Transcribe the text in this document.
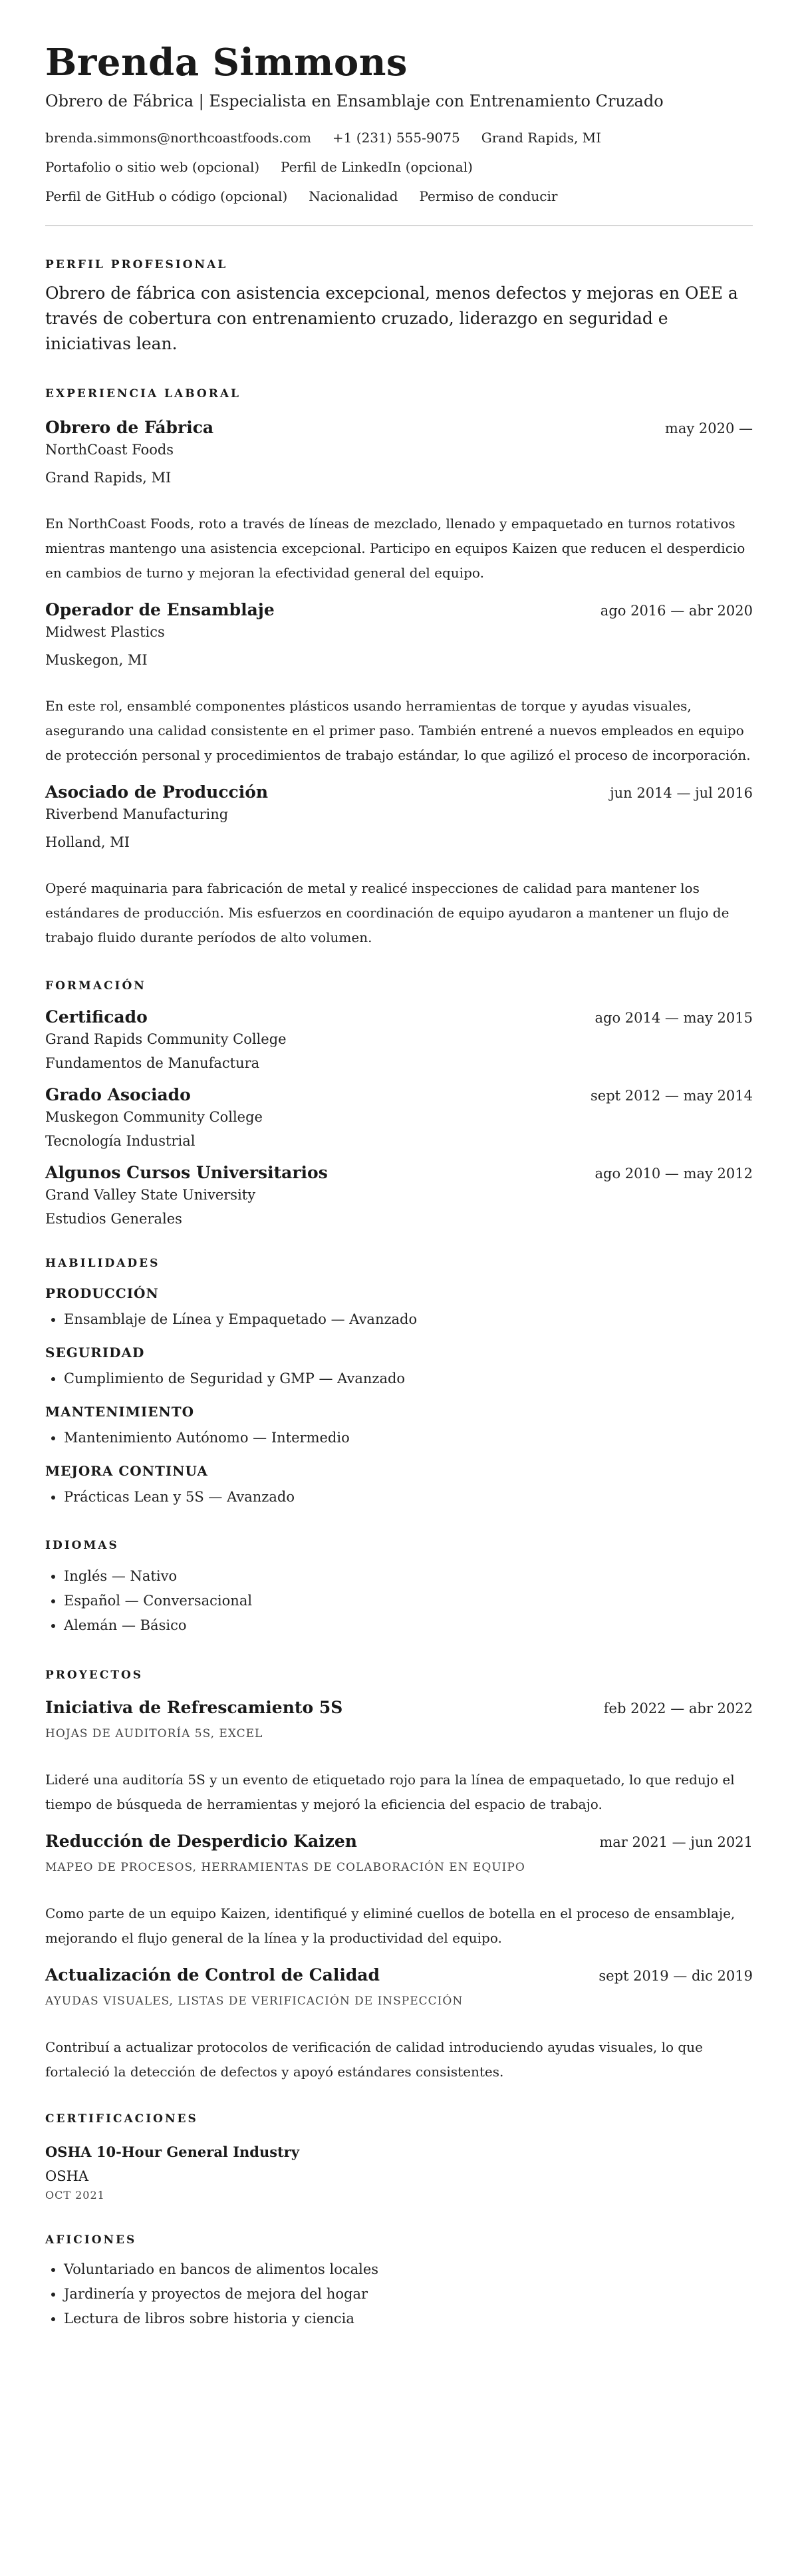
Brenda Simmons
Obrero de Fábrica | Especialista en Ensamblaje con Entrenamiento Cruzado
brenda.simmons@northcoastfoods.com +1 (231) 555-9075 Grand Rapids, MI
Portafolio o sitio web (opcional) Perfil de LinkedIn (opcional)
Perfil de GitHub o código (opcional) Nacionalidad Permiso de conducir
PERFIL PROFESIONAL

Obrero de fábrica con asistencia excepcional, menos defectos y mejoras en OEE a través de cobertura con entrenamiento cruzado, liderazgo en seguridad e iniciativas lean.

EXPERIENCIA LABORAL
Obrero de Fábrica	may 2020 —
NorthCoast Foods
Grand Rapids, MI

En NorthCoast Foods, roto a través de líneas de mezclado, llenado y empaquetado en turnos rotativos mientras mantengo una asistencia excepcional. Participo en equipos Kaizen que reducen el desperdicio en cambios de turno y mejoran la efectividad general del equipo.

Operador de Ensamblaje	ago 2016 — abr 2020
Midwest Plastics
Muskegon, MI

En este rol, ensamblé componentes plásticos usando herramientas de torque y ayudas visuales, asegurando una calidad consistente en el primer paso. También entrené a nuevos empleados en equipo de protección personal y procedimientos de trabajo estándar, lo que agilizó el proceso de incorporación.

Asociado de Producción	jun 2014 — jul 2016
Riverbend Manufacturing
Holland, MI

Operé maquinaria para fabricación de metal y realicé inspecciones de calidad para mantener los estándares de producción. Mis esfuerzos en coordinación de equipo ayudaron a mantener un flujo de trabajo fluido durante períodos de alto volumen.

FORMACIÓN
Certificado	ago 2014 — may 2015
Grand Rapids Community College
Fundamentos de Manufactura
Grado Asociado	sept 2012 — may 2014
Muskegon Community College
Tecnología Industrial
Algunos Cursos Universitarios	ago 2010 — may 2012
Grand Valley State University
Estudios Generales
HABILIDADES
PRODUCCIÓN
• Ensamblaje de Línea y Empaquetado — Avanzado
SEGURIDAD
• Cumplimiento de Seguridad y GMP — Avanzado
MANTENIMIENTO
• Mantenimiento Autónomo — Intermedio
MEJORA CONTINUA
• Prácticas Lean y 5S — Avanzado
IDIOMAS
• Inglés — Nativo
• Español — Conversacional
• Alemán — Básico
PROYECTOS
Iniciativa de Refrescamiento 5S	feb 2022 — abr 2022
HOJAS DE AUDITORÍA 5S, EXCEL

Lideré una auditoría 5S y un evento de etiquetado rojo para la línea de empaquetado, lo que redujo el tiempo de búsqueda de herramientas y mejoró la eficiencia del espacio de trabajo.

Reducción de Desperdicio Kaizen	mar 2021 — jun 2021
MAPEO DE PROCESOS, HERRAMIENTAS DE COLABORACIÓN EN EQUIPO

Como parte de un equipo Kaizen, identifiqué y eliminé cuellos de botella en el proceso de ensamblaje, mejorando el flujo general de la línea y la productividad del equipo.

Actualización de Control de Calidad	sept 2019 — dic 2019
AYUDAS VISUALES, LISTAS DE VERIFICACIÓN DE INSPECCIÓN

Contribuí a actualizar protocolos de verificación de calidad introduciendo ayudas visuales, lo que fortaleció la detección de defectos y apoyó estándares consistentes.

CERTIFICACIONES
OSHA 10-Hour General Industry
OSHA
OCT 2021
AFICIONES
• Voluntariado en bancos de alimentos locales
• Jardinería y proyectos de mejora del hogar
• Lectura de libros sobre historia y ciencia
